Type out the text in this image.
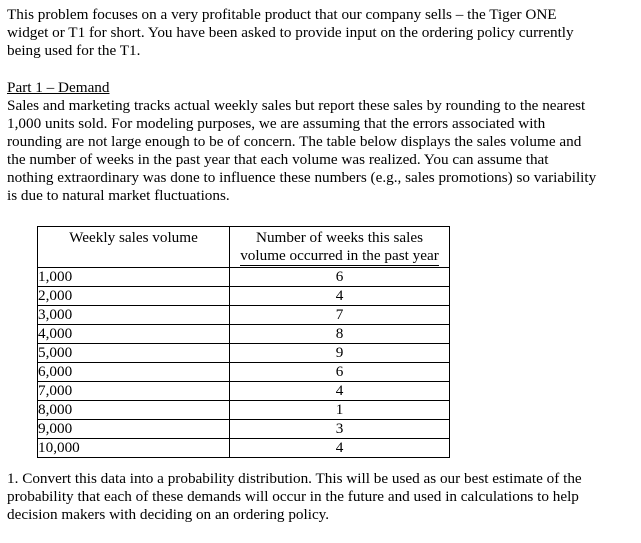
This problem focuses on a very profitable product that our company sells – the Tiger ONE
widget or T1 for short. You have been asked to provide input on the ordering policy currently
being used for the T1.

Part 1 – Demand

Sales and marketing tracks actual weekly sales but report these sales by rounding to the nearest
1,000 units sold. For modeling purposes, we are assuming that the errors associated with
rounding are not large enough to be of concern. The table below displays the sales volume and
the number of weeks in the past year that each volume was realized. You can assume that
nothing extraordinary was done to influence these numbers (e.g., sales promotions) so variability
is due to natural market fluctuations.

Weekly sales volume	Number of weeks this sales
volume occurred in the past year

1,000	6
2,000	4
3,000	7
4,000	8
5,000	9
6,000	6
7,000	4
8,000	1
9,000	3
10,000	4

1. Convert this data into a probability distribution. This will be used as our best estimate of the
probability that each of these demands will occur in the future and used in calculations to help
decision makers with deciding on an ordering policy.
